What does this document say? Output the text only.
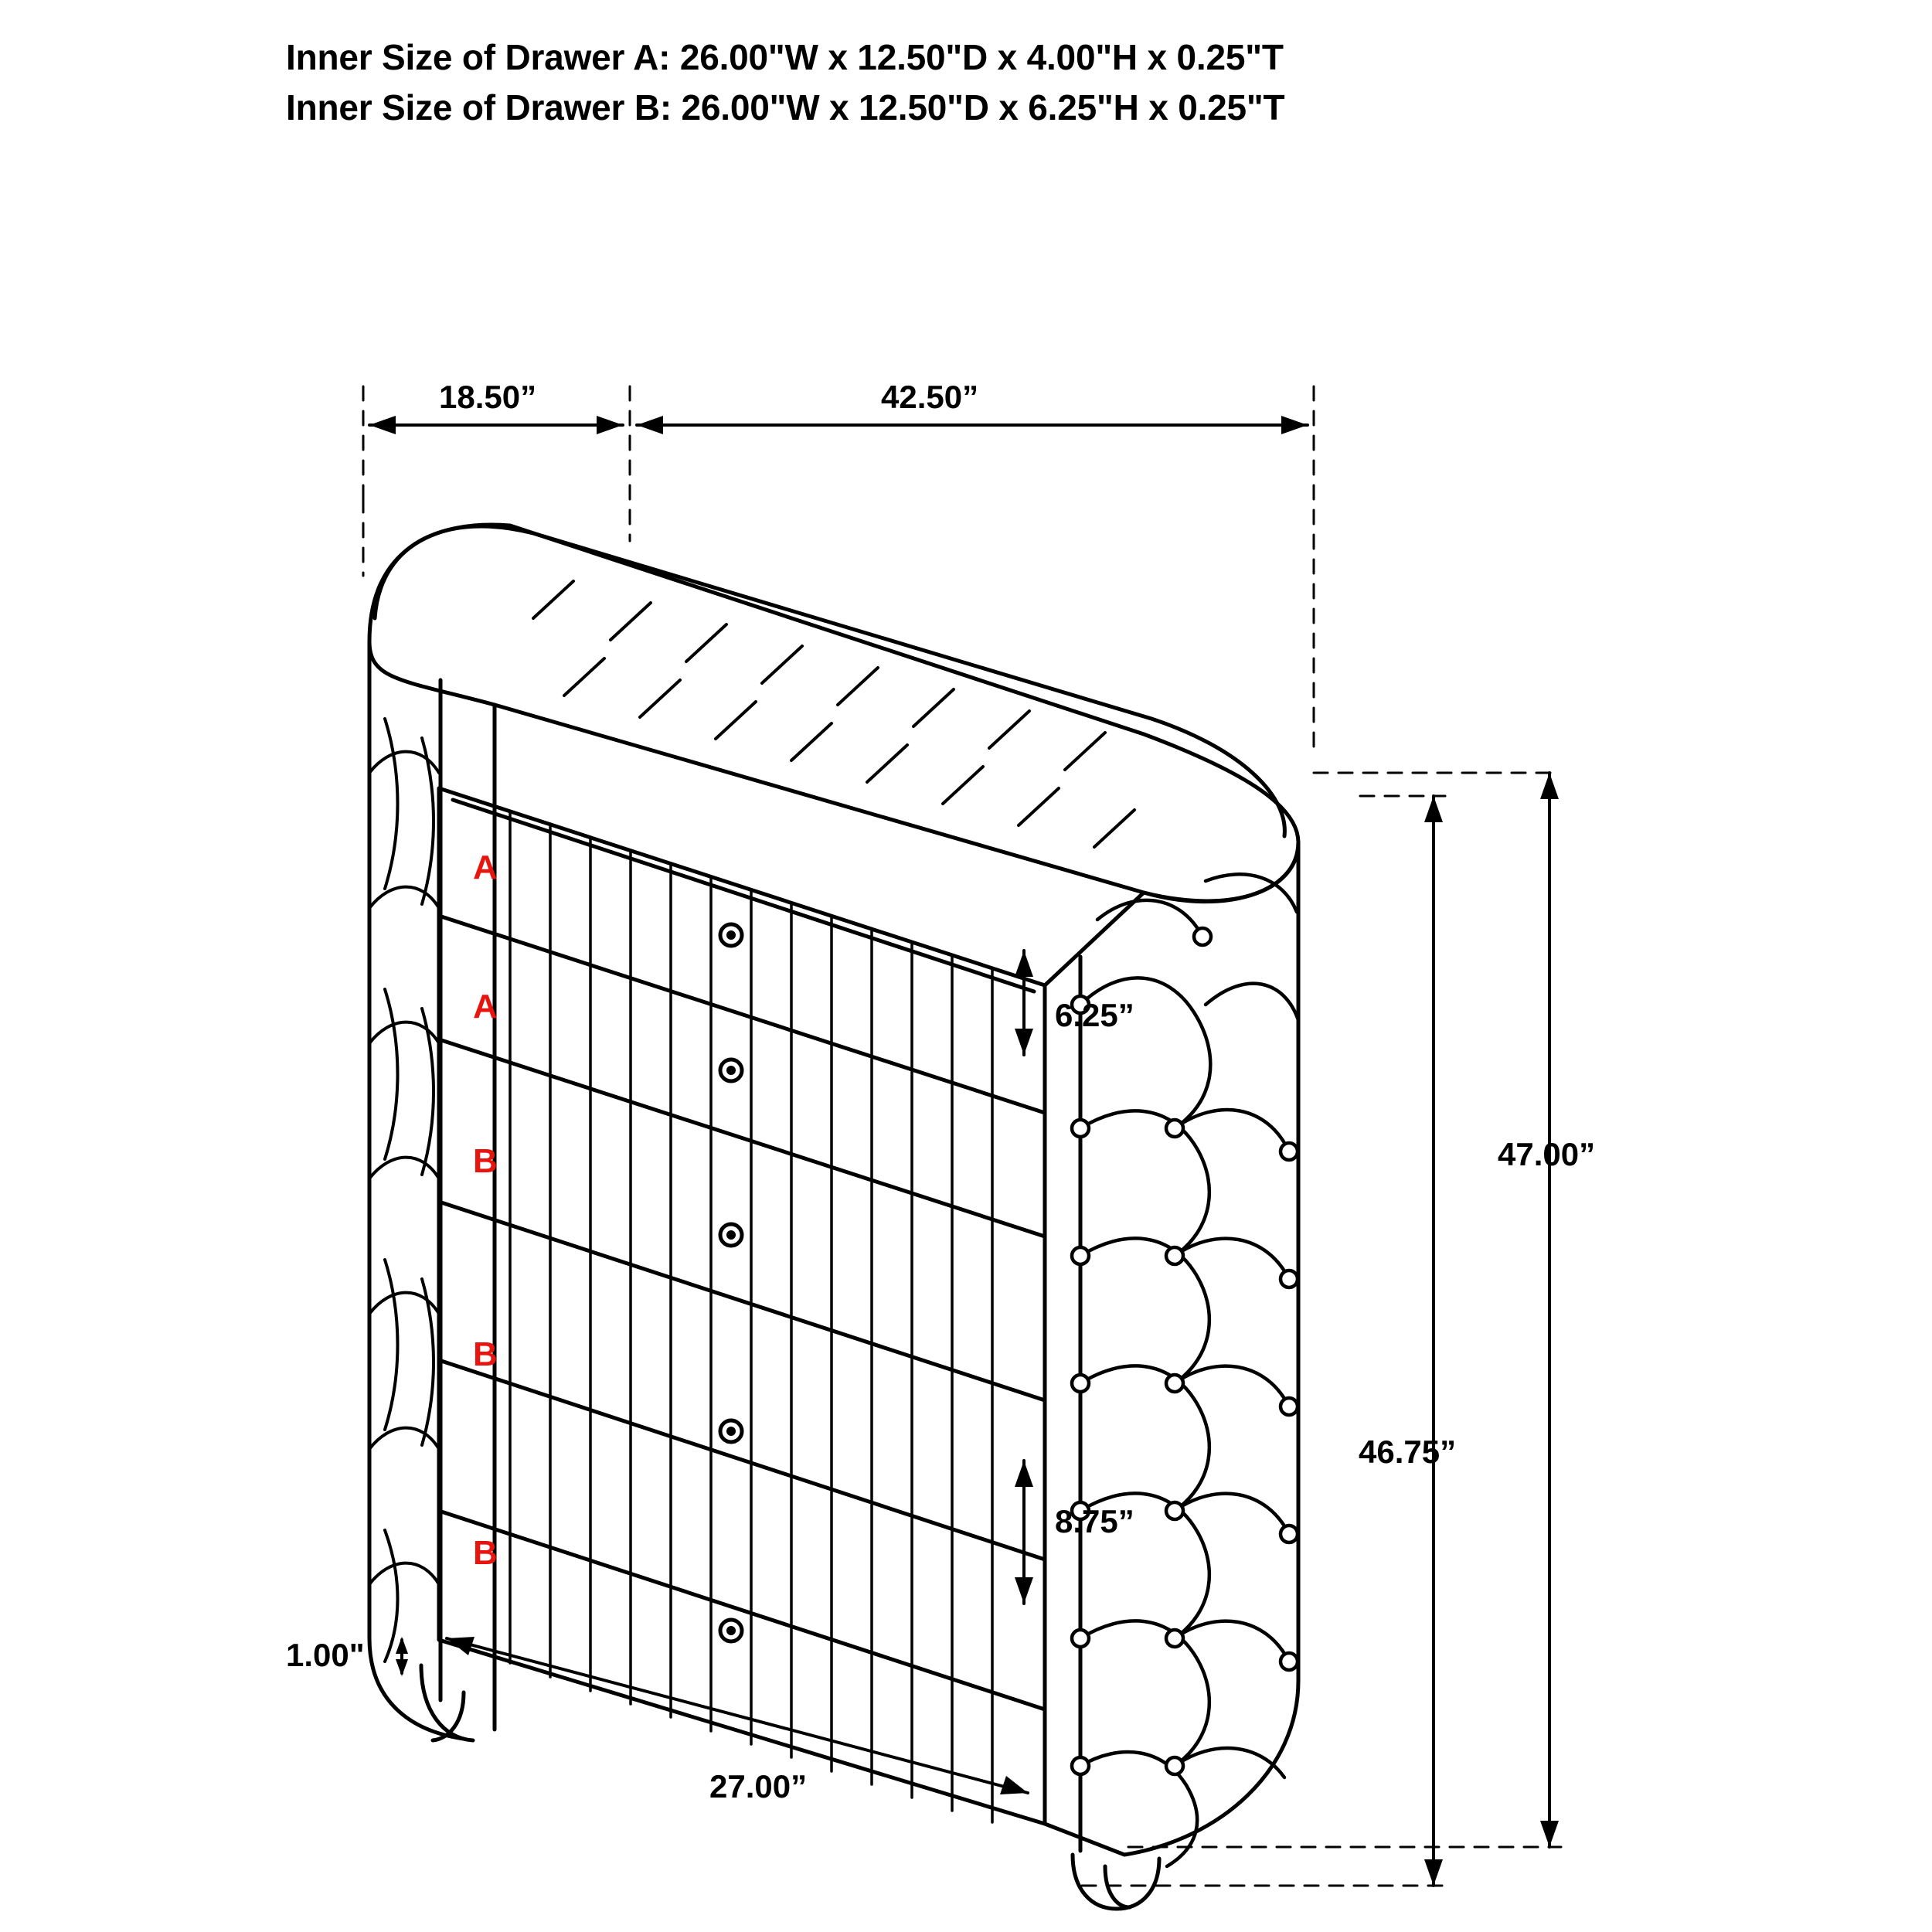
Inner Size of Drawer A: 26.00"W x 12.50"D x 4.00"H x 0.25"T
Inner Size of Drawer B: 26.00"W x 12.50"D x 6.25"H x 0.25"T
18.50”	42.50”
6.25”
8.75”
47.00”
46.75”
1.00"
27.00”
A
A
B
B
B
